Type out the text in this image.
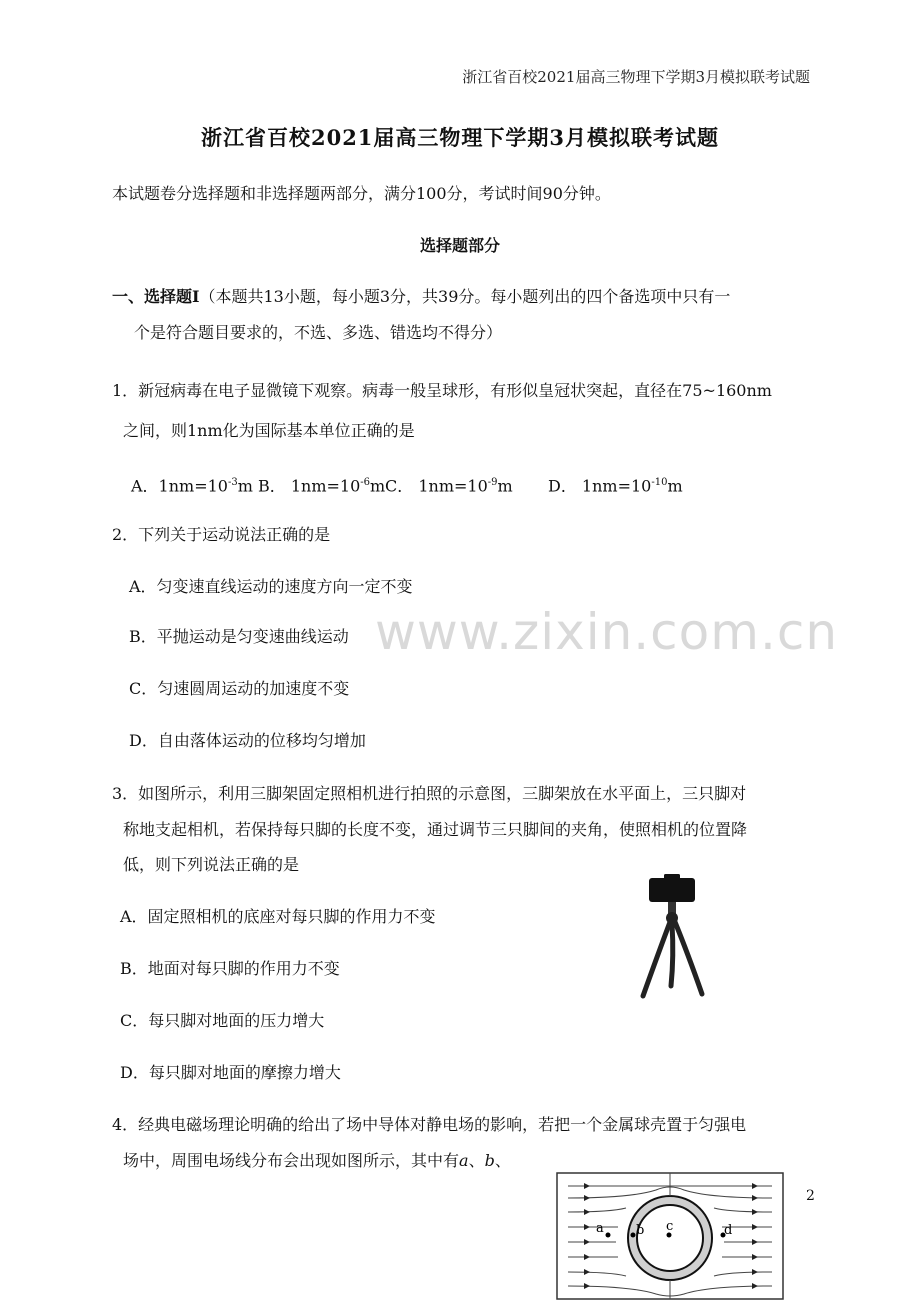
浙江省百校2021届高三物理下学期3月模拟联考试题
浙江省百校2021届高三物理下学期3月模拟联考试题
本试题卷分选择题和非选择题两部分，满分100分，考试时间90分钟。
选择题部分
一、选择题Ⅰ（本题共13小题，每小题3分，共39分。每小题列出的四个备选项中只有一
个是符合题目要求的，不选、多选、错选均不得分）
1．新冠病毒在电子显微镜下观察。病毒一般呈球形，有形似皇冠状突起，直径在75~160nm
之间，则1nm化为国际基本单位正确的是
A．$1nm=10^{-3}m$ B． $1nm=10^{-6}m$ C． $1nm=10^{-9}m$ D． $1nm=10^{-10}m$
2．下列关于运动说法正确的是
A．匀变速直线运动的速度方向一定不变
B．平抛运动是匀变速曲线运动
C．匀速圆周运动的加速度不变
D．自由落体运动的位移均匀增加
www.zixin.com.cn
3．如图所示，利用三脚架固定照相机进行拍照的示意图，三脚架放在水平面上，三只脚对
称地支起相机，若保持每只脚的长度不变，通过调节三只脚间的夹角，使照相机的位置降
低，则下列说法正确的是
A．固定照相机的底座对每只脚的作用力不变
B．地面对每只脚的作用力不变
C．每只脚对地面的压力增大
D．每只脚对地面的摩擦力增大
4．经典电磁场理论明确的给出了场中导体对静电场的影响，若把一个金属球壳置于匀强电
场中，周围电场线分布会出现如图所示，其中有a、b、
2
a b c	d
